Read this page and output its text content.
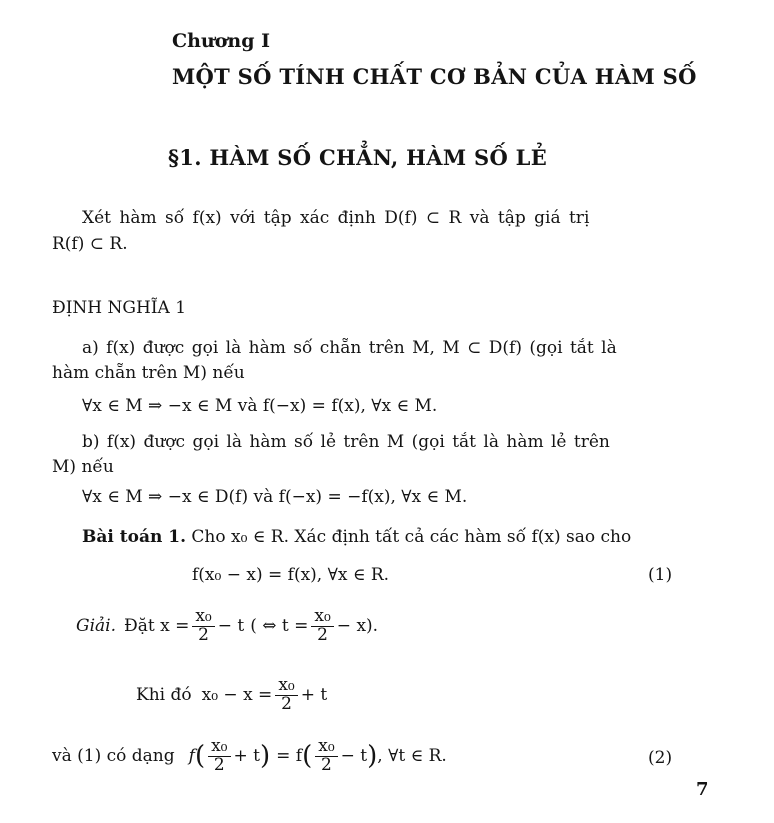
Chương I
MỘT SỐ TÍNH CHẤT CƠ BẢN CỦA HÀM SỐ
§1. HÀM SỐ CHẲN, HÀM SỐ LẺ
Xét hàm số f(x) với tập xác định D(f) ⊂ R và tập giá trị
R(f) ⊂ R.
ĐỊNH NGHĨA 1
a) f(x) được gọi là hàm số chẵn trên M, M ⊂ D(f) (gọi tắt là
hàm chẵn trên M) nếu
∀x ∈ M ⇒ −x ∈ M và f(−x) = f(x), ∀x ∈ M.
b) f(x) được gọi là hàm số lẻ trên M (gọi tắt là hàm lẻ trên
M) nếu
∀x ∈ M ⇒ −x ∈ D(f) và f(−x) = −f(x), ∀x ∈ M.
Bài toán 1. Cho x₀ ∈ R. Xác định tất cả các hàm số f(x) sao cho
f(x₀ − x) = f(x), ∀x ∈ R.	(1)
Giải. Đặt $x = \frac{\text{x₀}}{2} - t$ ( ⇔ $t = \frac{\text{x₀}}{2} - x$).
Khi đó $x_0 - x = \frac{\text{x₀}}{2} + t$
và (1) có dạng f ( $\frac{\text{x₀}}{2} + t$ ) = f ( $\frac{\text{x₀}}{2} - t$ ) , ∀t ∈ R.	(2)
7
